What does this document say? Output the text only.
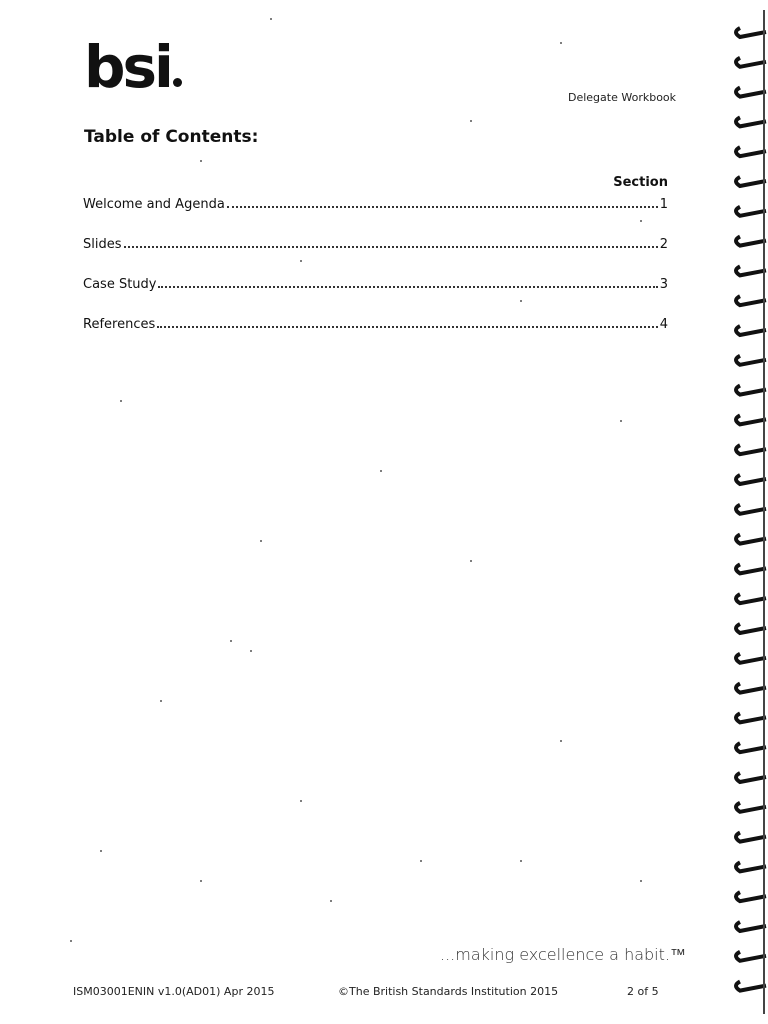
bsi	Delegate Workbook
Table of Contents:
Section
Welcome and Agenda	1
Slides	2
Case Study	3
References	4
...making excellence a habit.™
ISM03001ENIN v1.0(AD01) Apr 2015	©The British Standards Institution 2015	2 of 5
